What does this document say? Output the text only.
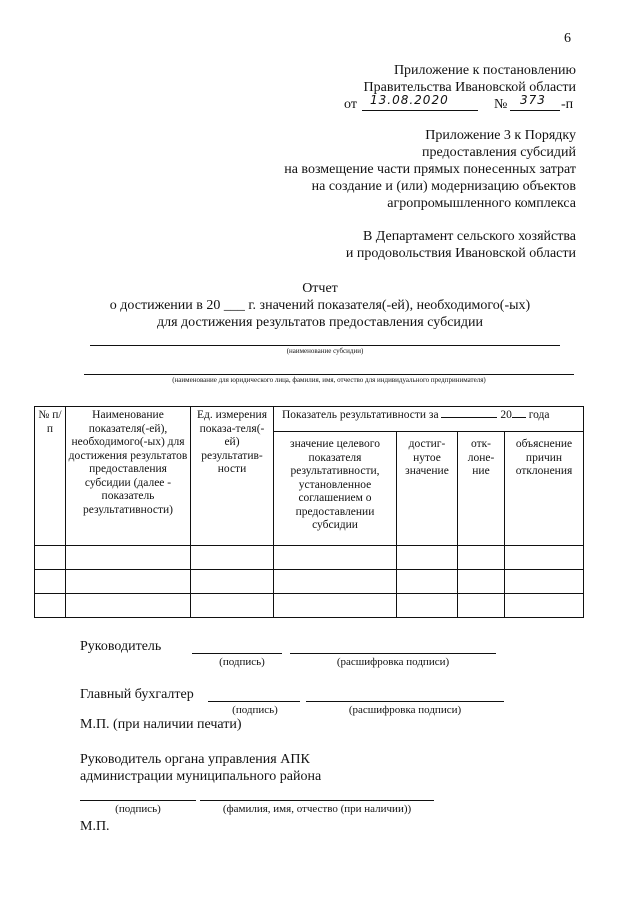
6
Приложение к постановлению
Правительства Ивановской области
от 13.08.2020	№ 373 -п
Приложение 3 к Порядку
предоставления субсидий
на возмещение части прямых понесенных затрат
на создание и (или) модернизацию объектов
агропромышленного комплекса
В Департамент сельского хозяйства
и продовольствия Ивановской области
Отчет
о достижении в 20 ___ г. значений показателя(-ей), необходимого(-ых)
для достижения результатов предоставления субсидии
(наименование субсидии)
(наименование для юридического лица, фамилия, имя, отчество для индивидуального предпринимателя)
№ п/п	Наименование показателя(-ей), необходимого(-ых) для достижения результатов предоставления субсидии (далее - показатель результативности)	Ед. измерения показа-теля(-ей) результатив-ности	Показатель результативности за 20 года			
			значение целевого показателя результативности, установленное соглашением о предоставлении субсидии	достиг-нутое значение	отк-лоне-ние	объяснение причин отклонения

Руководитель
(подпись)	(расшифровка подписи)
Главный бухгалтер
(подпись)	(расшифровка подписи)
М.П. (при наличии печати)
Руководитель органа управления АПК
администрации муниципального района
(подпись)	(фамилия, имя, отчество (при наличии))
М.П.
